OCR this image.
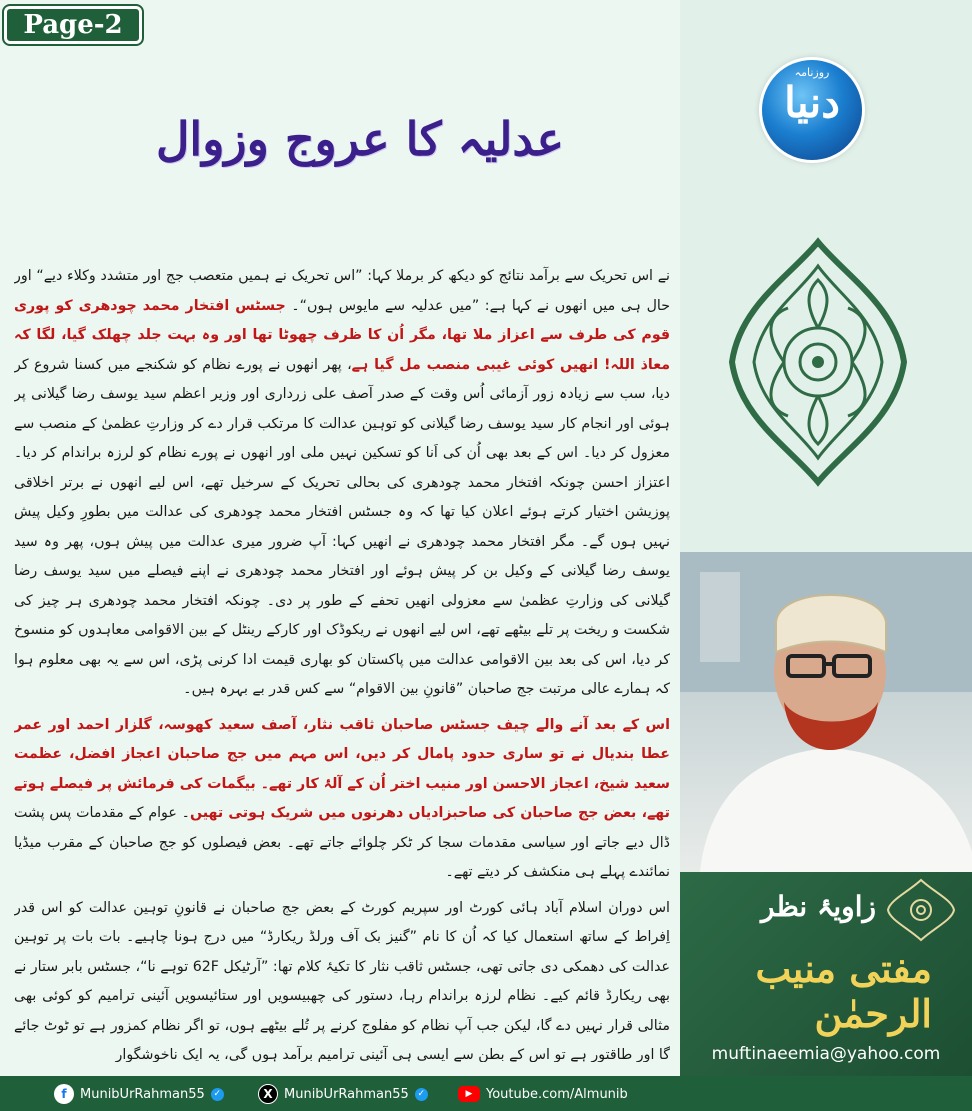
Page-2
عدلیہ کا عروج وزوال

نے اس تحریک سے برآمد نتائج کو دیکھ کر برملا کہا: ”اس تحریک نے ہمیں متعصب جج اور متشدد وکلاء دیے“ اور حال ہی میں انھوں نے کہا ہے: ”میں عدلیہ سے مایوس ہوں“۔ جسٹس افتخار محمد چودھری کو پوری قوم کی طرف سے اعزاز ملا تھا، مگر اُن کا ظرف چھوٹا تھا اور وہ بہت جلد چھلک گیا، لگا کہ معاذ اللہ! انھیں کوئی غیبی منصب مل گیا ہے، پھر انھوں نے پورے نظام کو شکنجے میں کسنا شروع کر دیا، سب سے زیادہ زور آزمائی اُس وقت کے صدر آصف علی زرداری اور وزیر اعظم سید یوسف رضا گیلانی پر ہوئی اور انجام کار سید یوسف رضا گیلانی کو توہین عدالت کا مرتکب قرار دے کر وزارتِ عظمیٰ کے منصب سے معزول کر دیا۔ اس کے بعد بھی اُن کی اَنا کو تسکین نہیں ملی اور انھوں نے پورے نظام کو لرزہ براندام کر دیا۔ اعتزاز احسن چونکہ افتخار محمد چودھری کی بحالی تحریک کے سرخیل تھے، اس لیے انھوں نے برتر اخلاقی پوزیشن اختیار کرتے ہوئے اعلان کیا تھا کہ وہ جسٹس افتخار محمد چودھری کی عدالت میں بطورِ وکیل پیش نہیں ہوں گے۔ مگر افتخار محمد چودھری نے انھیں کہا: آپ ضرور میری عدالت میں پیش ہوں، پھر وہ سید یوسف رضا گیلانی کے وکیل بن کر پیش ہوئے اور افتخار محمد چودھری نے اپنے فیصلے میں سید یوسف رضا گیلانی کی وزارتِ عظمیٰ سے معزولی انھیں تحفے کے طور پر دی۔ چونکہ افتخار محمد چودھری ہر چیز کی شکست و ریخت پر تلے بیٹھے تھے، اس لیے انھوں نے ریکوڈک اور کارکے رینٹل کے بین الاقوامی معاہدوں کو منسوخ کر دیا، اس کی بعد بین الاقوامی عدالت میں پاکستان کو بھاری قیمت ادا کرنی پڑی، اس سے یہ بھی معلوم ہوا کہ ہمارے عالی مرتبت جج صاحبان ”قانونِ بین الاقوام“ سے کس قدر بے بہرہ ہیں۔

اس کے بعد آنے والے چیف جسٹس صاحبان ثاقب نثار، آصف سعید کھوسہ، گلزار احمد اور عمر عطا بندیال نے تو ساری حدود پامال کر دیں، اس مہم میں جج صاحبان اعجاز افضل، عظمت سعید شیخ، اعجاز الاحسن اور منیب اختر اُن کے آلۂ کار تھے۔ بیگمات کی فرمائش پر فیصلے ہوتے تھے، بعض جج صاحبان کی صاحبزادیاں دھرنوں میں شریک ہوتی تھیں۔ عوام کے مقدمات پس پشت ڈال دیے جاتے اور سیاسی مقدمات سجا کر ٹکر چلوائے جاتے تھے۔ بعض فیصلوں کو جج صاحبان کے مقرب میڈیا نمائندے پہلے ہی منکشف کر دیتے تھے۔

اس دوران اسلام آباد ہائی کورٹ اور سپریم کورٹ کے بعض جج صاحبان نے قانونِ توہین عدالت کو اس قدر اِفراط کے ساتھ استعمال کیا کہ اُن کا نام ”گنیز بک آف ورلڈ ریکارڈ“ میں درج ہونا چاہیے۔ بات بات پر توہین عدالت کی دھمکی دی جاتی تھی، جسٹس ثاقب نثار کا تکیۂ کلام تھا: ”آرٹیکل 62F توہے نا“، جسٹس بابر ستار نے بھی ریکارڈ قائم کیے۔ نظام لرزہ براندام رہا، دستور کی چھبیسویں اور ستائیسویں آئینی ترامیم کو کوئی بھی مثالی قرار نہیں دے گا، لیکن جب آپ نظام کو مفلوج کرنے پر تُلے بیٹھے ہوں، تو اگر نظام کمزور ہے تو ٹوٹ جائے گا اور طاقتور ہے تو اس کے بطن سے ایسی ہی آئینی ترامیم برآمد ہوں گی، یہ ایک ناخوشگوار

روزنامہ
دنیا
زاویۂ نظر
مفتی منیب الرحمٰن
muftinaeemia@yahoo.com
f	MunibUrRahman55 ✓	X MunibUrRahman55 ✓	▶	Youtube.com/Almunib
